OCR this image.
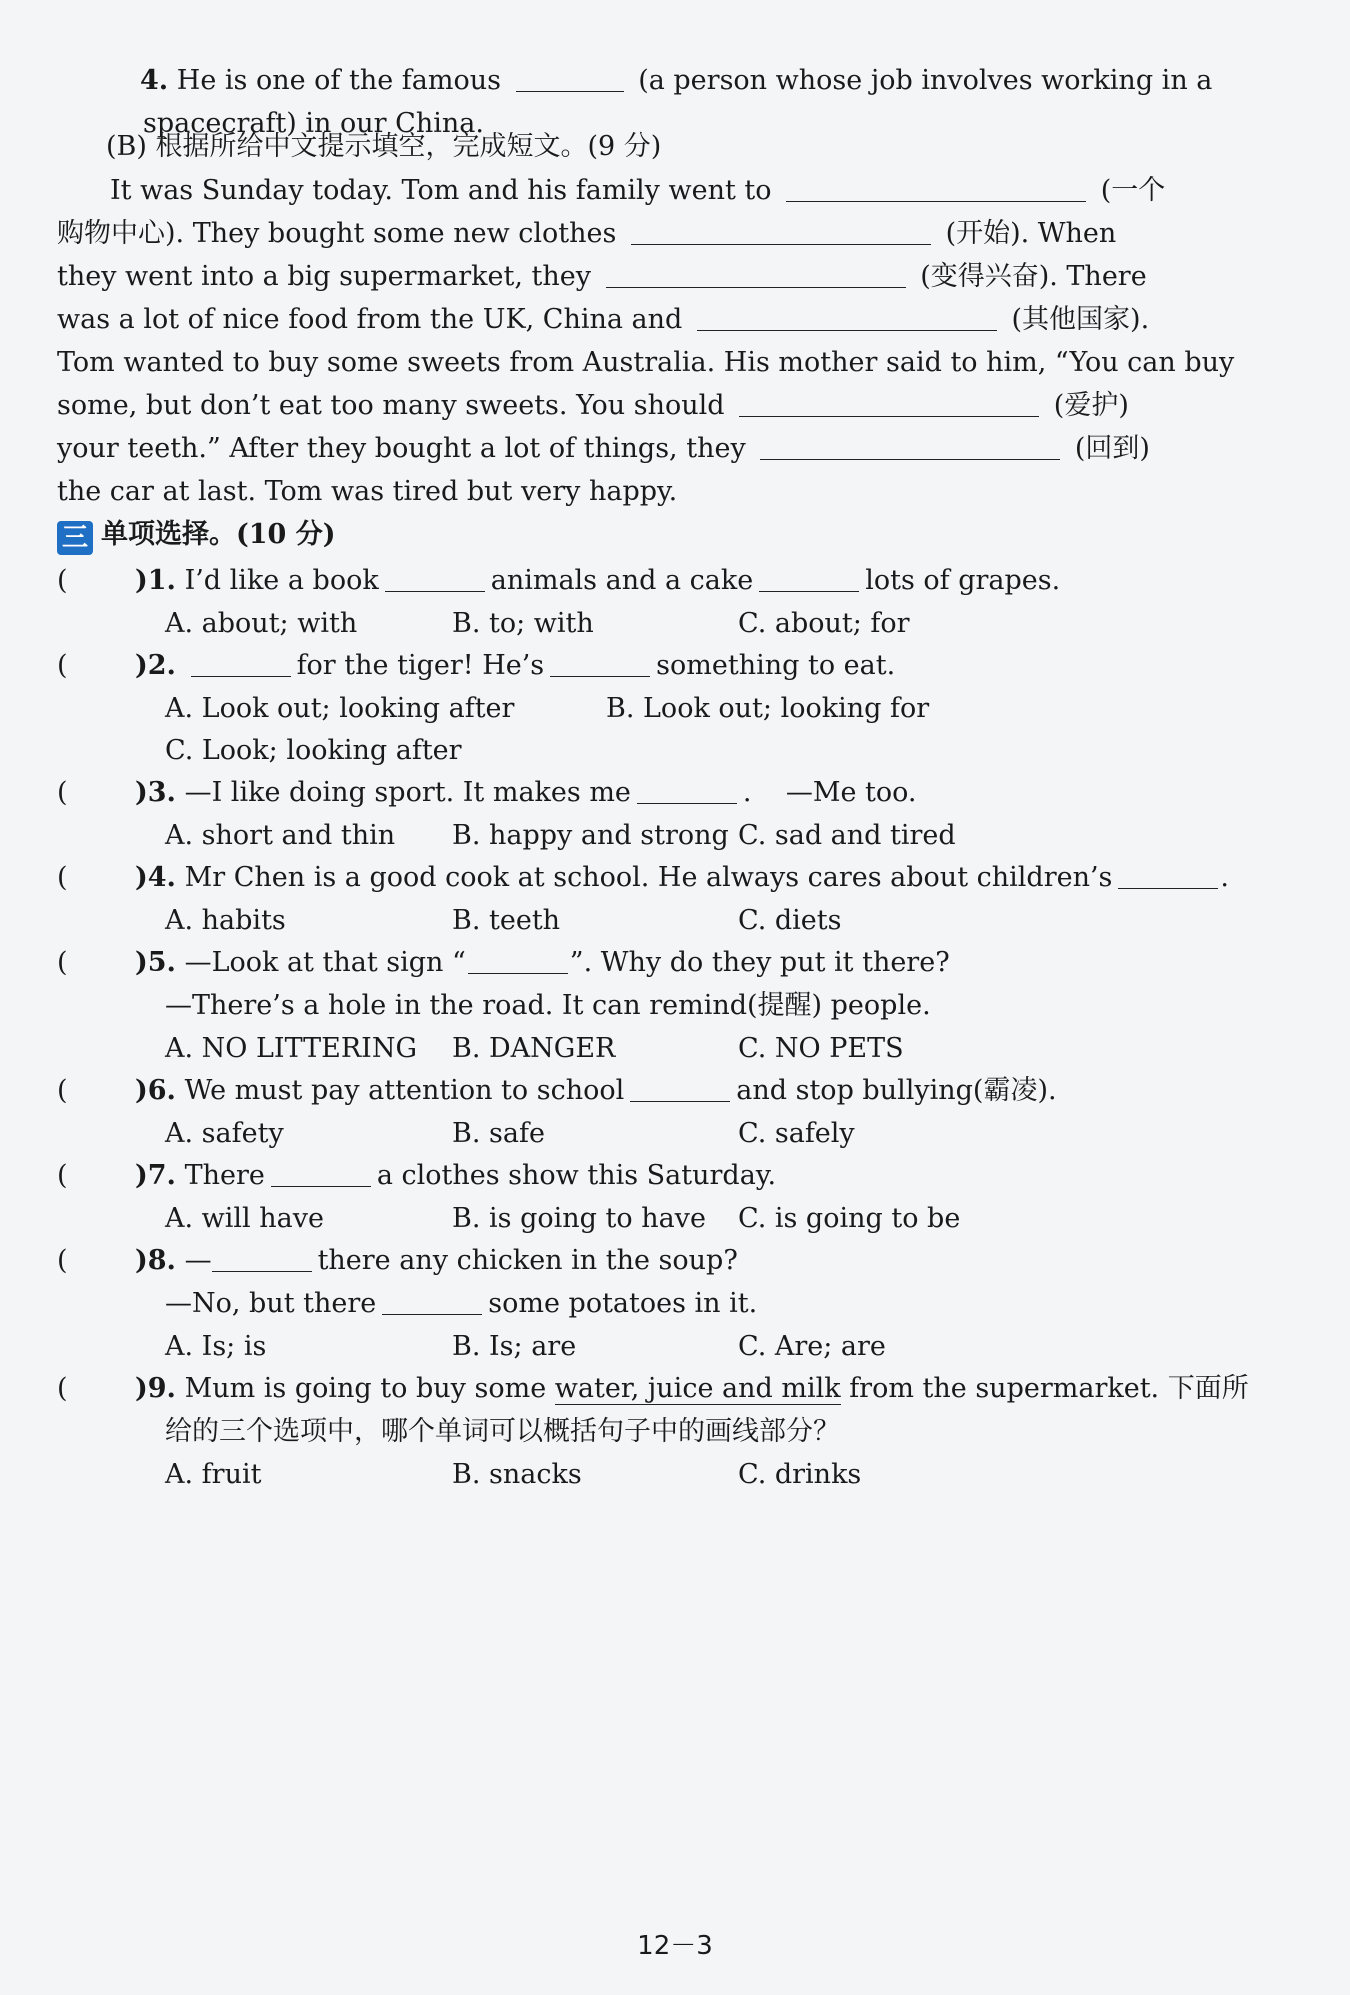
4. He is one of the famous	(a person whose job involves working in a
spacecraft) in our China.
(B) 根据所给中文提示填空，完成短文。(9 分)
It was Sunday today. Tom and his family went to	(一个
购物中心). They bought some new clothes	(开始). When
they went into a big supermarket, they	(变得兴奋). There
was a lot of nice food from the UK, China and	(其他国家).
Tom wanted to buy some sweets from Australia. His mother said to him, “You can buy
some, but don’t eat too many sweets. You should	(爱护)
your teeth.” After they bought a lot of things, they	(回到)
the car at last. Tom was tired but very happy.
三 单项选择。(10 分)
( )1. I’d like a book	animals and a cake	lots of grapes.
A. about; with	B. to; with	C. about; for
( )2.	for the tiger! He’s	something to eat.
A. Look out; looking after	B. Look out; looking for
C. Look; looking after
( )3. —I like doing sport. It makes me	. —Me too.
A. short and thin B. happy and strong C. sad and tired
( )4. Mr Chen is a good cook at school. He always cares about children’s	.
A. habits	B. teeth	C. diets
( )5. —Look at that sign “	”. Why do they put it there?
—There’s a hole in the road. It can remind(提醒) people.
A. NO LITTERING B. DANGER	C. NO PETS
( )6. We must pay attention to school	and stop bullying(霸凌).
A. safety	B. safe	C. safely
( )7. There	a clothes show this Saturday.
A. will have	B. is going to have C. is going to be
( )8. —	there any chicken in the soup?
—No, but there	some potatoes in it.
A. Is; is	B. Is; are	C. Are; are
( )9. Mum is going to buy some water, juice and milk from the supermarket. 下面所
给的三个选项中，哪个单词可以概括句子中的画线部分？
A. fruit	B. snacks	C. drinks
12－3
